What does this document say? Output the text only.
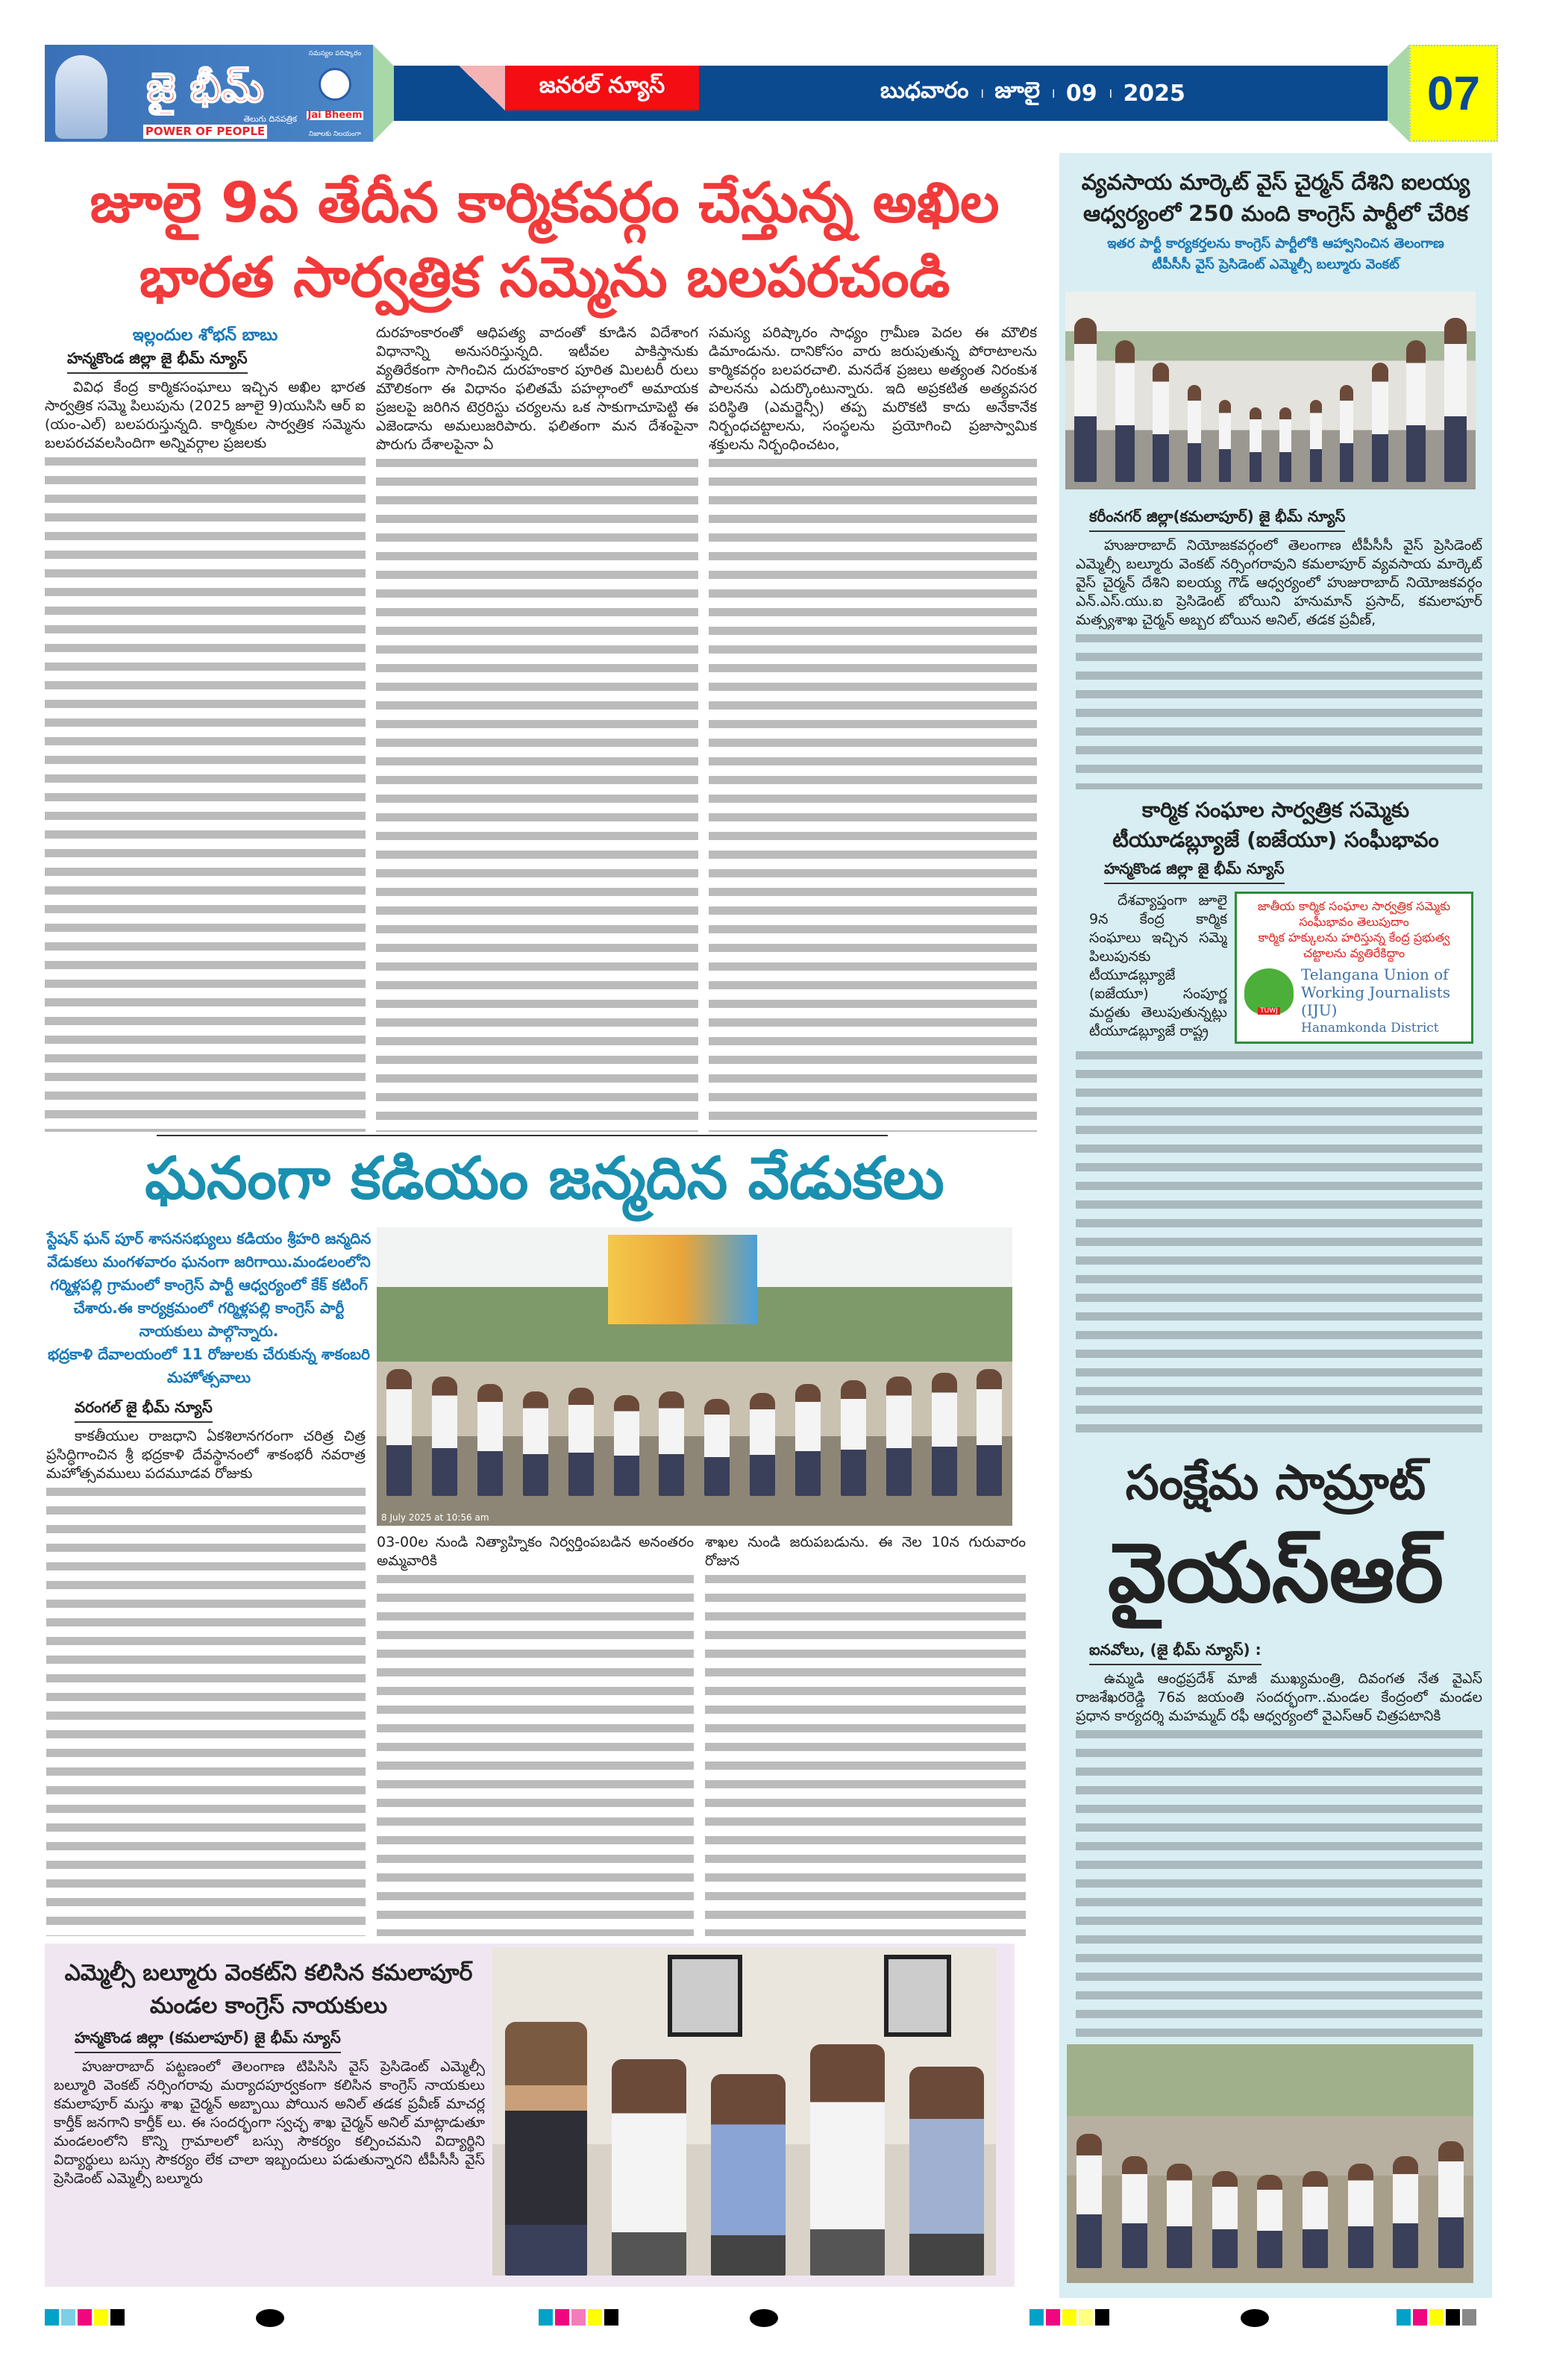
జై భీమ్
తెలుగు దినపత్రిక
POWER OF PEOPLE
సమస్యల పరిష్కారం
Jai Bheem
నిజాలకు నిలయంగా
జనరల్ న్యూస్	బుధవారం । జూలై । 09 । 2025	07
జూలై 9వ తేదీన కార్మికవర్గం చేస్తున్న అఖిల
భారత సార్వత్రిక సమ్మెను బలపరచండి
ఇల్లందుల శోభన్ బాబు
హన్మకొండ జిల్లా జై భీమ్ న్యూస్

వివిధ కేంద్ర కార్మికసంఘాలు ఇచ్చిన అఖిల భారత సార్వత్రిక సమ్మె పిలుపును (2025 జూలై 9)యుసిసి ఆర్ ఐ (యం-ఎల్) బలపరుస్తున్నది. కార్మికుల సార్వత్రిక సమ్మెను బలపరచవలసిందిగా అన్నివర్గాల ప్రజలకు

దురహంకారంతో ఆధిపత్య వాదంతో కూడిన విదేశాంగ విధానాన్ని అనుసరిస్తున్నది. ఇటీవల పాకిస్తానుకు వ్యతిరేకంగా సాగించిన దురహంకార పూరిత మిలటరీ రులు మౌలికంగా ఈ విధానం ఫలితమే పహల్గాంలో అమాయక ప్రజలపై జరిగిన టెర్రరిస్టు చర్యలను ఒక సాకుగాచూపెట్టి ఈ ఎజెండాను అమలుజరిపారు. ఫలితంగా మన దేశంపైనా పొరుగు దేశాలపైనా ఏ

సమస్య పరిష్కారం సాధ్యం గ్రామీణ పెదల ఈ మౌలిక డిమాండును. దానికోసం వారు జరుపుతున్న పోరాటాలను కార్మికవర్గం బలపరచాలి. మనదేశ ప్రజలు అత్యంత నిరంకుశ పాలనను ఎదుర్కొంటున్నారు. ఇది అప్రకటిత అత్యవసర పరిస్థితి (ఎమర్జెన్సీ) తప్ప మరొకటి కాదు అనేకానేక నిర్బంధచట్టాలను, సంస్థలను ప్రయోగించి ప్రజాస్వామిక శక్తులను నిర్బంధించటం,

ఘనంగా కడియం జన్మదిన వేడుకలు
స్టేషన్ ఘన్ పూర్ శాసనసభ్యులు కడియం శ్రీహరి జన్మదిన వేడుకలు మంగళవారం ఘనంగా జరిగాయి.మండలంలోని
గర్మిళ్లపల్లి గ్రామంలో కాంగ్రెస్ పార్టీ ఆధ్వర్యంలో కేక్ కటింగ్ చేశారు.ఈ కార్యక్రమంలో గర్మిళ్లపల్లి కాంగ్రెస్ పార్టీ నాయకులు పాల్గొన్నారు.
భద్రకాళి దేవాలయంలో 11 రోజులకు చేరుకున్న శాకంబరి మహోత్సవాలు
వరంగల్ జై భీమ్ న్యూస్

కాకతీయుల రాజధాని ఏకశిలానగరంగా చరిత్ర చిత్ర ప్రసిద్ధిగాంచిన శ్రీ భద్రకాళి దేవస్థానంలో శాకంభరీ నవరాత్ర మహోత్సవములు పదమూడవ రోజుకు

8 July 2025 at 10:56 am

03-00ల నుండి నిత్యాహ్నికం నిర్వర్తింపబడిన అనంతరం అమ్మవారికి

శాఖల నుండి జరుపబడును. ఈ నెల 10న గురువారం రోజున

ఎమ్మెల్సీ బల్మూరు వెంకట్‌ని కలిసిన కమలాపూర్
మండల కాంగ్రెస్ నాయకులు
హన్మకొండ జిల్లా (కమలాపూర్) జై భీమ్ న్యూస్

హుజురాబాద్ పట్టణంలో తెలంగాణ టిపిసిసి వైస్ ప్రెసిడెంట్ ఎమ్మెల్సీ బల్మూరి వెంకట్ నర్సింగరావు మర్యాదపూర్వకంగా కలిసిన కాంగ్రెస్ నాయకులు కమలాపూర్ మస్తు శాఖ చైర్మన్ అబ్బాయి పోయిన అనిల్ తడక ప్రవీణ్ మాచర్ల కార్తీక్ జనగాని కార్తీక్ లు. ఈ సందర్భంగా స్వచ్ఛ శాఖ చైర్మన్ అనిల్ మాట్లాడుతూ మండలంలోని కొన్ని గ్రామాలలో బస్సు సౌకర్యం కల్పించమని విద్యార్థిని విద్యార్థులు బస్సు సౌకర్యం లేక చాలా ఇబ్బందులు పడుతున్నారని టీపీసీసీ వైస్ ప్రెసిడెంట్ ఎమ్మెల్సీ బల్మూరు

వ్యవసాయ మార్కెట్ వైస్ చైర్మన్ దేశిని ఐలయ్య
ఆధ్వర్యంలో 250 మంది కాంగ్రెస్ పార్టీలో చేరిక
ఇతర పార్టీ కార్యకర్తలను కాంగ్రెస్ పార్టీలోకి ఆహ్వానించిన తెలంగాణ
టీపీసీసీ వైస్ ప్రెసిడెంట్ ఎమ్మెల్సీ బల్మూరు వెంకట్
కరీంనగర్ జిల్లా(కమలాపూర్) జై భీమ్ న్యూస్

హుజురాబాద్ నియోజకవర్గంలో తెలంగాణ టీపీసీసీ వైస్ ప్రెసిడెంట్ ఎమ్మెల్సీ బల్మూరు వెంకట్ నర్సింగరావుని కమలాపూర్ వ్యవసాయ మార్కెట్ వైస్ చైర్మన్ దేశిని ఐలయ్య గౌడ్ ఆధ్వర్యంలో హుజురాబాద్ నియోజకవర్గం ఎన్.ఎస్.యు.ఐ ప్రెసిడెంట్ బోయిని హనుమాన్ ప్రసాద్, కమలాపూర్ మత్స్యశాఖ చైర్మన్ అబ్బర బోయిన అనిల్, తడక ప్రవీణ్,

కార్మిక సంఘాల సార్వత్రిక సమ్మెకు
టీయూడబ్ల్యూజే (ఐజేయూ) సంఘీభావం
హన్మకొండ జిల్లా జై భీమ్ న్యూస్

దేశవ్యాప్తంగా జూలై 9న కేంద్ర కార్మిక సంఘాలు ఇచ్చిన సమ్మె పిలుపునకు టీయూడబ్ల్యూజే (ఐజేయూ) సంపూర్ణ మద్దతు తెలుపుతున్నట్లు టీయూడబ్ల్యూజే రాష్ట్ర

జాతీయ కార్మిక సంఘాల సార్వత్రిక సమ్మెకు
సంఘీభావం తెలుపుదాం
కార్మిక హక్కులను హరిస్తున్న కేంద్ర ప్రభుత్వ
చట్టాలను వ్యతిరేకిద్దాం
TUWJ
Telangana Union of
Working Journalists (IJU)
Hanamkonda District
సంక్షేమ సామ్రాట్
వైయస్ఆర్
ఐనవోలు, (జై భీమ్ న్యూస్) :

ఉమ్మడి ఆంధ్రప్రదేశ్ మాజీ ముఖ్యమంత్రి, దివంగత నేత వైఎస్ రాజశేఖరరెడ్డి 76వ జయంతి సందర్భంగా..మండల కేంద్రంలో మండల ప్రధాన కార్యదర్శి మహమ్మద్ రఫీ ఆధ్వర్యంలో వైఎస్ఆర్ చిత్రపటానికి
